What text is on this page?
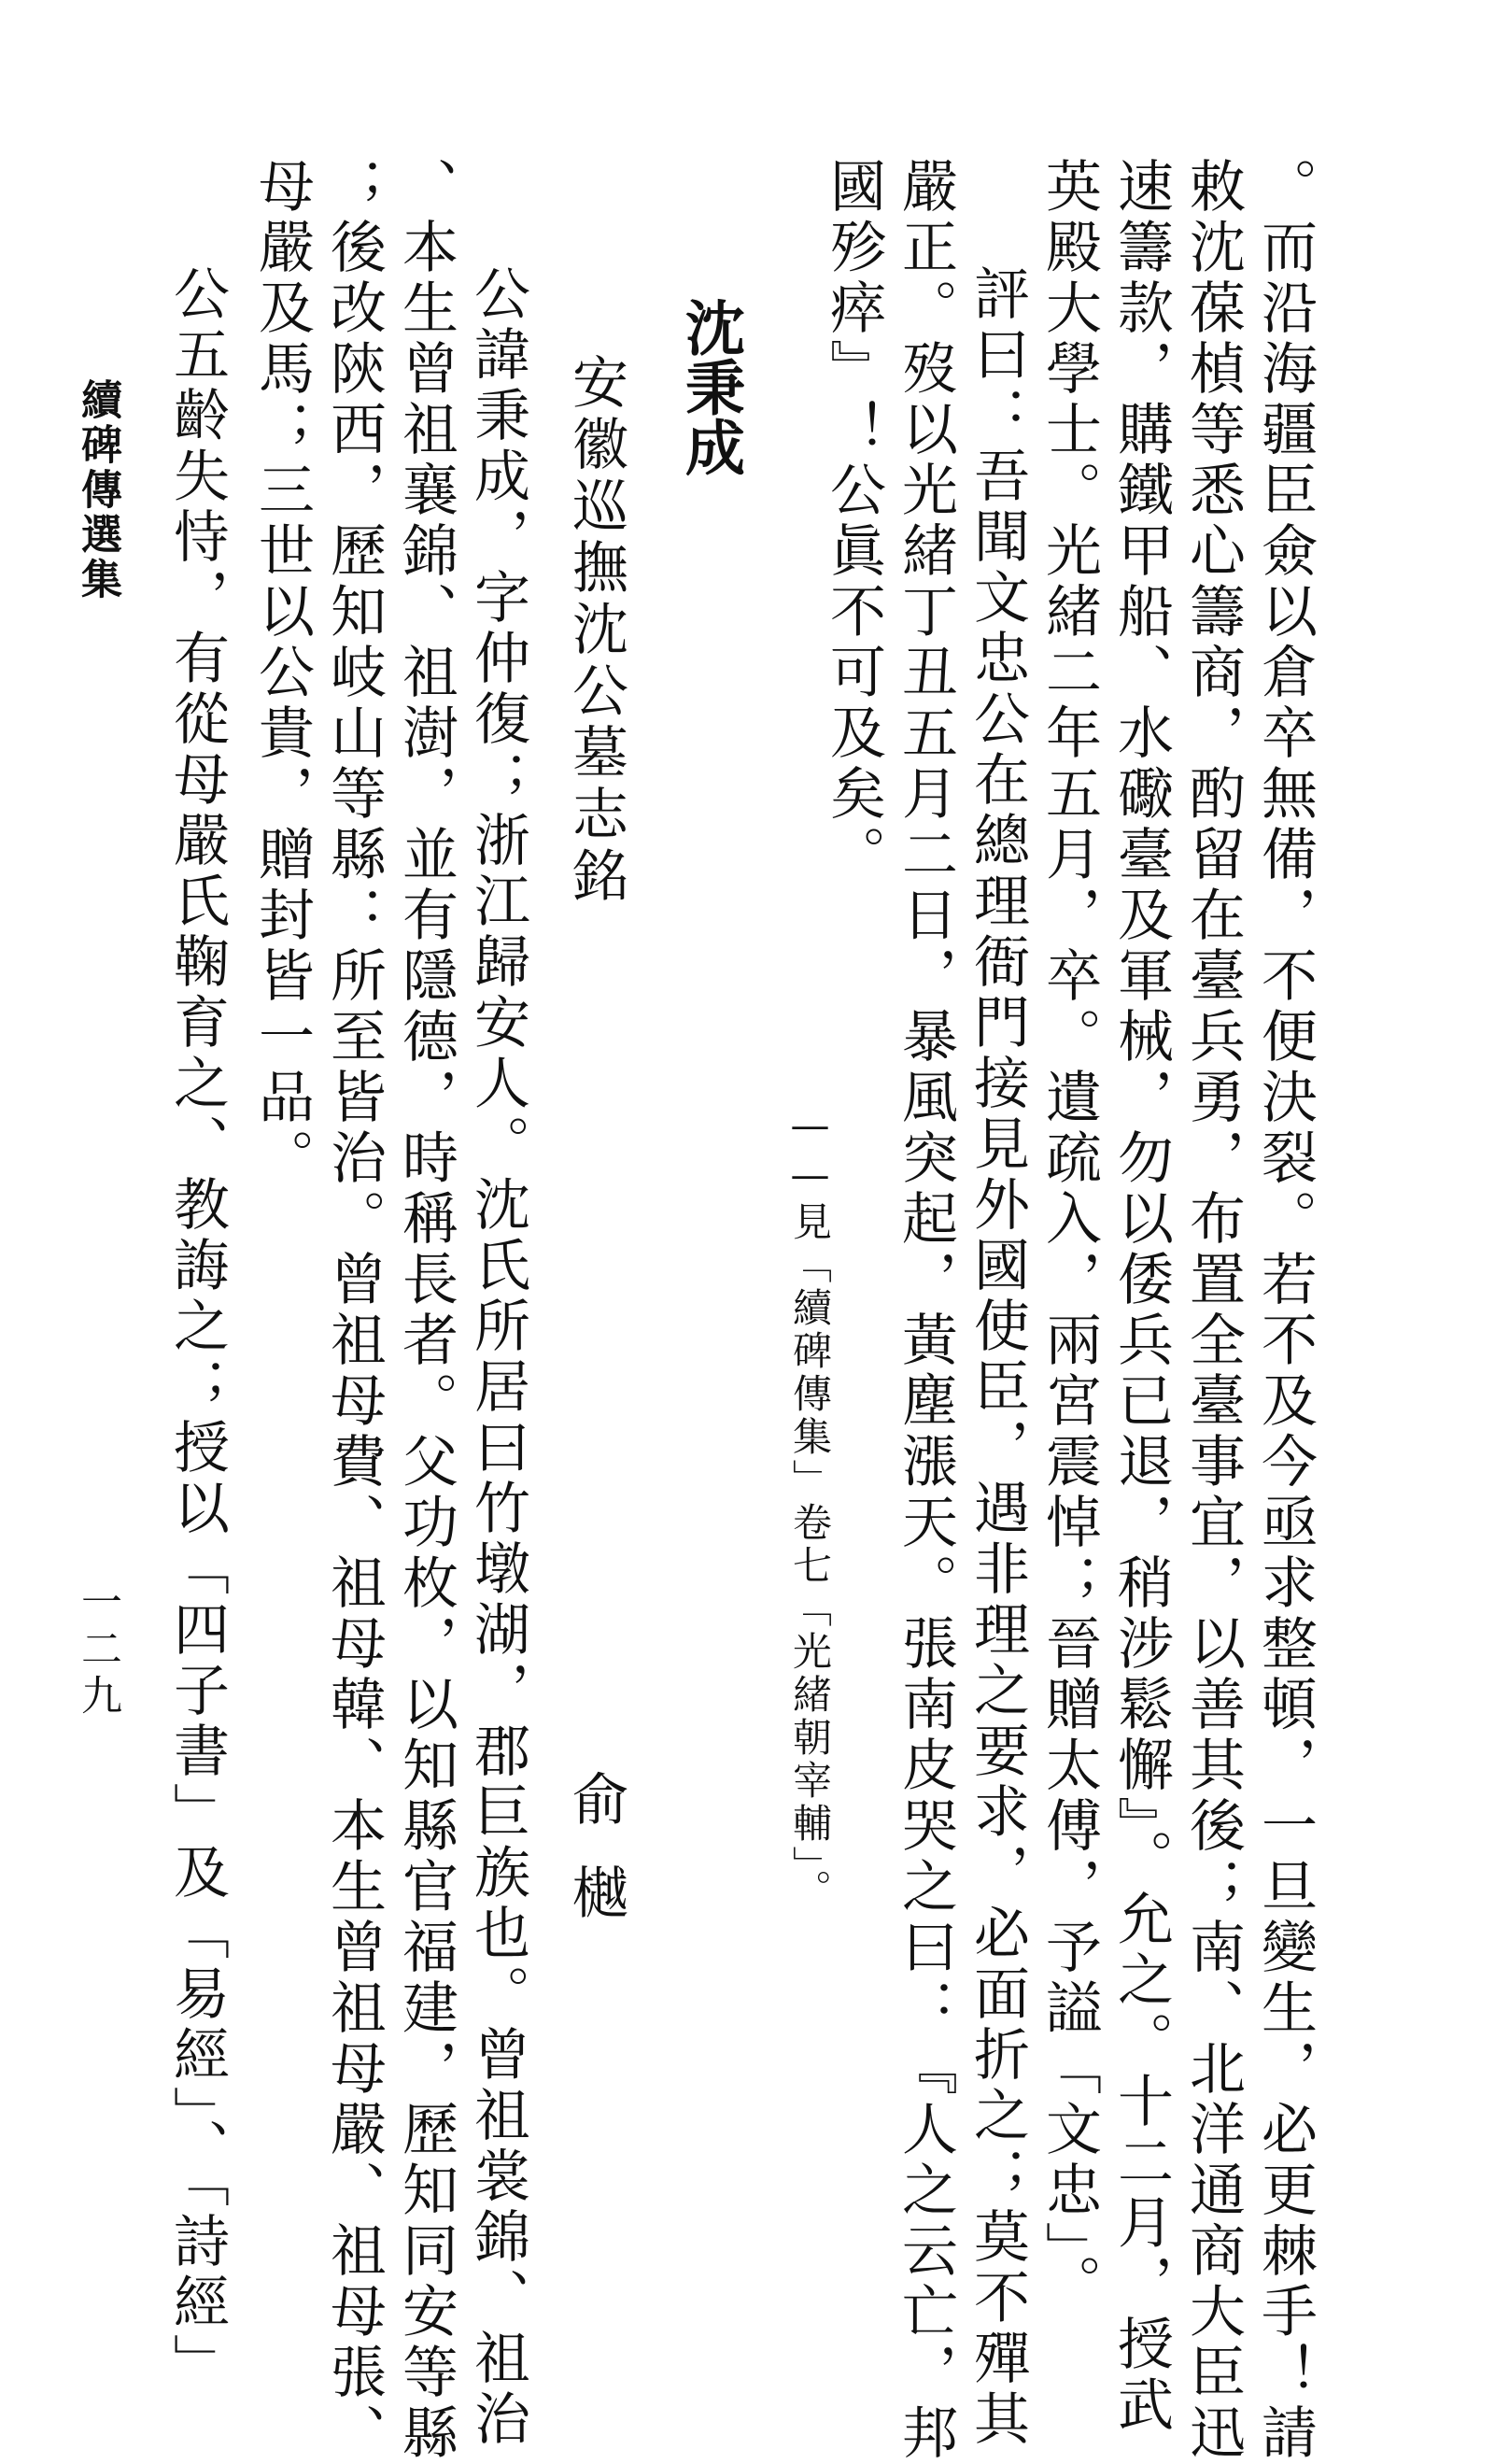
。而沿海疆臣僉以倉卒無備，不便決裂。若不及今亟求整頓，一旦變生，必更棘手！請
敕沈葆楨等悉心籌商，酌留在臺兵勇，布置全臺事宜，以善其後；南、北洋通商大臣迅
速籌款，購鐵甲船、水礮臺及軍械，勿以倭兵已退，稍涉鬆懈』。允之。十二月，授武
英殿大學士。光緒二年五月，卒。遺疏入，兩宮震悼；晉贈太傅，予謚「文忠」。
評曰：吾聞文忠公在總理衙門接見外國使臣，遇非理之要求，必面折之；莫不殫其
嚴正。歿以光緒丁丑五月二日，暴風突起，黃塵漲天。張南皮哭之曰：『人之云亡，邦
國殄瘁』！公眞不可及矣。
——見「續碑傳集」卷七「光緒朝宰輔」。
沈秉成
安徽巡撫沈公墓志銘
俞樾
公諱秉成，字仲復；浙江歸安人。沈氏所居曰竹墩湖，郡巨族也。曾祖裳錦、祖治
、本生曾祖襄錦、祖澍，並有隱德，時稱長者。父功枚，以知縣官福建，歷知同安等縣
；後改陝西，歷知岐山等縣：所至皆治。曾祖母費、祖母韓、本生曾祖母嚴、祖母張、
母嚴及馬；三世以公貴，贈封皆一品。
公五齡失恃，有從母嚴氏鞠育之、教誨之；授以「四子書」及「易經」、「詩經」
續碑傳選集
一二九
